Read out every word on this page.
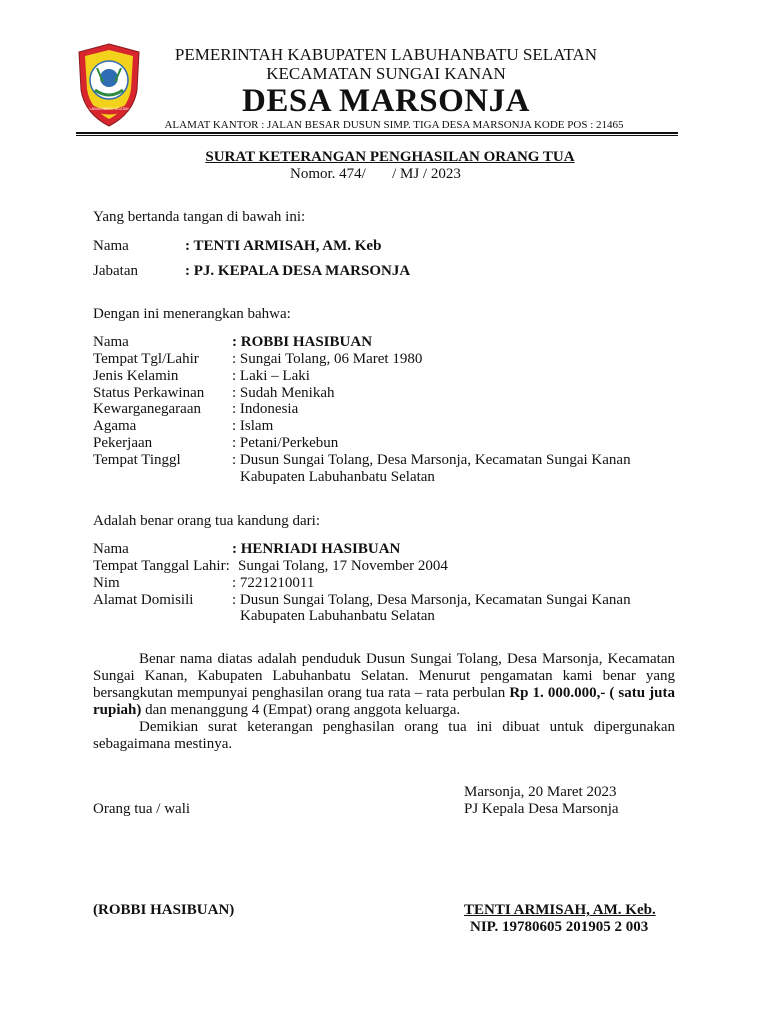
LABUHANBATU SELATAN
PEMERINTAH KABUPATEN LABUHANBATU SELATAN
KECAMATAN SUNGAI KANAN
DESA MARSONJA
ALAMAT KANTOR : JALAN BESAR DUSUN SIMP. TIGA DESA MARSONJA KODE POS : 21465
SURAT KETERANGAN PENGHASILAN ORANG TUA
Nomor. 474/       / MJ / 2023
Yang bertanda tangan di bawah ini:
Nama	: TENTI ARMISAH, AM. Keb
Jabatan	: PJ. KEPALA DESA MARSONJA
Dengan ini menerangkan bahwa:
Nama	: ROBBI HASIBUAN
Tempat Tgl/Lahir : Sungai Tolang, 06 Maret 1980
Jenis Kelamin	: Laki – Laki
Status Perkawinan : Sudah Menikah
Kewarganegaraan : Indonesia
Agama	: Islam
Pekerjaan	: Petani/Perkebun
Tempat Tinggl	: Dusun Sungai Tolang, Desa Marsonja, Kecamatan Sungai Kanan
Kabupaten Labuhanbatu Selatan
Adalah benar orang tua kandung dari:
Nama	: HENRIADI HASIBUAN
Tempat Tanggal Lahir: Sungai Tolang, 17 November 2004
Nim	: 7221210011
Alamat Domisili	: Dusun Sungai Tolang, Desa Marsonja, Kecamatan Sungai Kanan
Kabupaten Labuhanbatu Selatan

Benar nama diatas adalah penduduk Dusun Sungai Tolang, Desa Marsonja, Kecamatan Sungai Kanan, Kabupaten Labuhanbatu Selatan. Menurut pengamatan kami benar yang bersangkutan mempunyai penghasilan orang tua rata – rata perbulan Rp 1. 000.000,- ( satu juta rupiah) dan menanggung 4 (Empat) orang anggota keluarga.

Demikian surat keterangan penghasilan orang tua ini dibuat untuk dipergunakan sebagaimana mestinya.

Marsonja, 20 Maret 2023
Orang tua / wali	PJ Kepala Desa Marsonja
(ROBBI HASIBUAN)	TENTI ARMISAH, AM. Keb.
NIP. 19780605 201905 2 003
